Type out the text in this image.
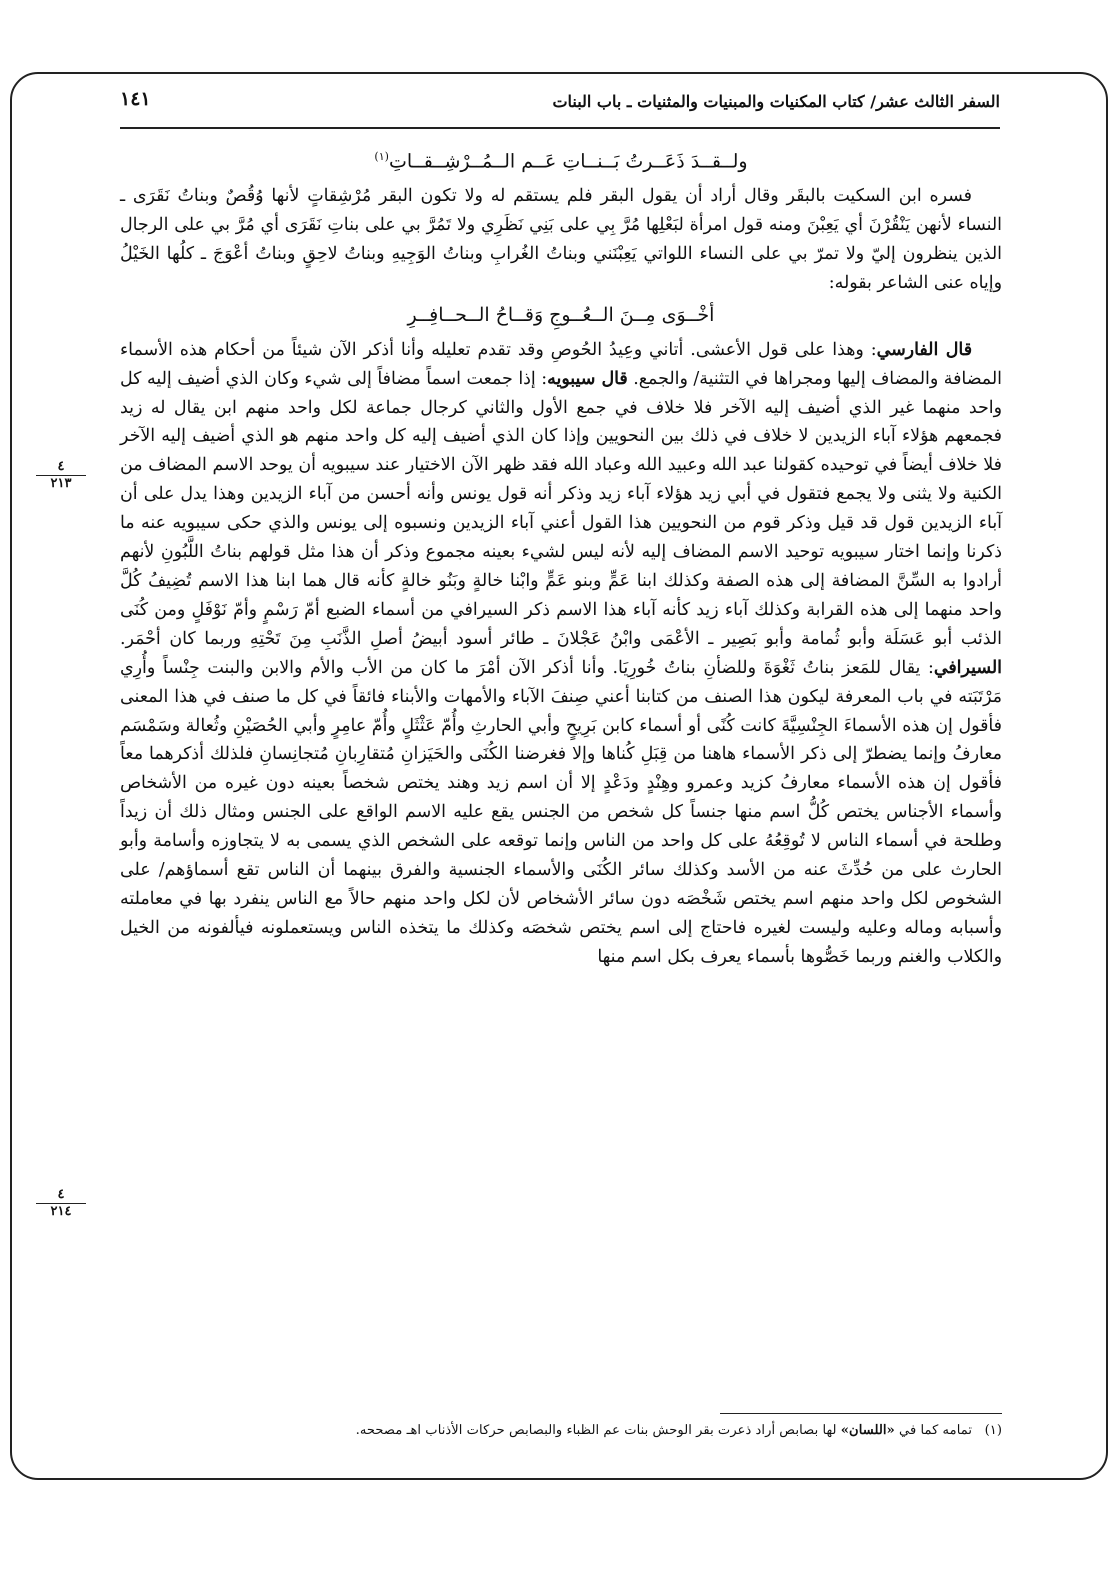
السفر الثالث عشر/ كتاب المكنيات والمبنيات والمثنيات ـ باب البنات
١٤١

ولــقــدَ ذَعَــرتُ بَــنــاتِ عَــم الــمُــرْشِــقــاتِ$^{(١)}$

فسره ابن السكيت بالبقَر وقال أراد أن يقول البقر فلم يستقم له ولا تكون البقر مُرْشِقاتٍ لأنها وُقُصٌ وبناتُ نَقَرَى ـ النساء لأنهن يَنْقُرْنَ أي يَعِبْنَ ومنه قول امرأة لبَعْلِها مُرَّ بِي على بَنِي نَظَرِي ولا تَمُرَّ بي على بناتِ نَقَرَى أي مُرَّ بي على الرجال الذين ينظرون إليّ ولا تمرّ بي على النساء اللواتي يَعِبْنَني وبناتُ الغُرابِ وبناتُ الوَجِيهِ وبناتُ لاحِقٍ وبناتُ أعْوَجَ ـ كلُها الخَيْلُ وإياه عنى الشاعر بقوله:

أخْــوَى مِــنَ الــعُــوجِ وَقــاحُ الــحــافِــرِ

قال الفارسي: وهذا على قول الأعشى. أتاني وعِيدُ الحُوصِ وقد تقدم تعليله وأنا أذكر الآن شيئاً من أحكام هذه الأسماء المضافة والمضاف إليها ومجراها في التثنية/ والجمع. قال سيبويه: إذا جمعت اسماً مضافاً إلى شيء وكان الذي أضيف إليه كل واحد منهما غير الذي أضيف إليه الآخر فلا خلاف في جمع الأول والثاني كرجال جماعة لكل واحد منهم ابن يقال له زيد فجمعهم هؤلاء آباء الزيدين لا خلاف في ذلك بين النحويين وإذا كان الذي أضيف إليه كل واحد منهم هو الذي أضيف إليه الآخر فلا خلاف أيضاً في توحيده كقولنا عبد الله وعبيد الله وعباد الله فقد ظهر الآن الاختيار عند سيبويه أن يوحد الاسم المضاف من الكنية ولا يثنى ولا يجمع فتقول في أبي زيد هؤلاء آباء زيد وذكر أنه قول يونس وأنه أحسن من آباء الزيدين وهذا يدل على أن آباء الزيدين قول قد قيل وذكر قوم من النحويين هذا القول أعني آباء الزيدين ونسبوه إلى يونس والذي حكى سيبويه عنه ما ذكرنا وإنما اختار سيبويه توحيد الاسم المضاف إليه لأنه ليس لشيء بعينه مجموع وذكر أن هذا مثل قولهم بناتُ اللَّبُونِ لأنهم أرادوا به السِّنَّ المضافة إلى هذه الصفة وكذلك ابنا عَمٍّ وبنو عَمٍّ وابْنا خالةٍ وبَنُو خالةٍ كأنه قال هما ابنا هذا الاسم تُضِيفُ كُلَّ واحد منهما إلى هذه القرابة وكذلك آباء زيد كأنه آباء هذا الاسم ذكر السيرافي من أسماء الضبع أمّ رَسْمٍ وأمّ نَوْفَلٍ ومن كُنَى الذئب أبو عَسَلَة وأبو ثُمامة وأبو بَصِير ـ الأعْمَى وابْنُ عَجْلانَ ـ طائر أسود أبيضُ أصلِ الذَّنَبِ مِنَ تَحْتِهِ وربما كان أحْمَر. السيرافي: يقال للمَعز بناتُ ثَغْوَةَ وللضأنِ بناتُ خُورِيَا. وأنا أذكر الآن أمْرَ ما كان من الأب والأم والابن والبنت جِنْساً وأُرِي مَرْتَبَته في باب المعرفة ليكون هذا الصنف من كتابنا أعني صِنفَ الآباء والأمهات والأبناء فائقاً في كل ما صنف في هذا المعنى فأقول إن هذه الأسماءَ الجِنْسِيَّةَ كانت كُنًى أو أسماء كابن بَرِيحٍ وأبي الحارثِ وأُمّ عَثْثَلٍ وأُمّ عامِرٍ وأبي الحُصَيْنِ وثُعالة وسَمْسَم معارفُ وإنما يضطرّ إلى ذكر الأسماء هاهنا من قِبَلِ كُناها وإلا فغرضنا الكُنَى والحَيَزانِ مُتقارِبانِ مُتجانِسانِ فلذلك أذكرهما معاً فأقول إن هذه الأسماء معارفُ كزيد وعمرو وهِنْدٍ ودَعْدٍ إلا أن اسم زيد وهند يختص شخصاً بعينه دون غيره من الأشخاص وأسماء الأجناس يختص كُلُّ اسم منها جنساً كل شخص من الجنس يقع عليه الاسم الواقع على الجنس ومثال ذلك أن زيداً وطلحة في أسماء الناس لا تُوقِعُهُ على كل واحد من الناس وإنما توقعه على الشخص الذي يسمى به لا يتجاوزه وأسامة وأبو الحارث على من حُدِّثَ عنه من الأسد وكذلك سائر الكُنَى والأسماء الجنسية والفرق بينهما أن الناس تقع أسماؤهم/ على الشخوص لكل واحد منهم اسم يختص شَخْصَه دون سائر الأشخاص لأن لكل واحد منهم حالاً مع الناس ينفرد بها في معاملته وأسبابه وماله وعليه وليست لغيره فاحتاج إلى اسم يختص شخصَه وكذلك ما يتخذه الناس ويستعملونه فيألفونه من الخيل والكلاب والغنم وربما خَصُّوها بأسماء يعرف بكل اسم منها

٤
٢١٣
٤
٢١٤
(١)   تمامه كما في «اللسان» لها بصابص أراد ذعرت بقر الوحش بنات عم الظباء والبصابص حركات الأذناب اهـ مصححه.
